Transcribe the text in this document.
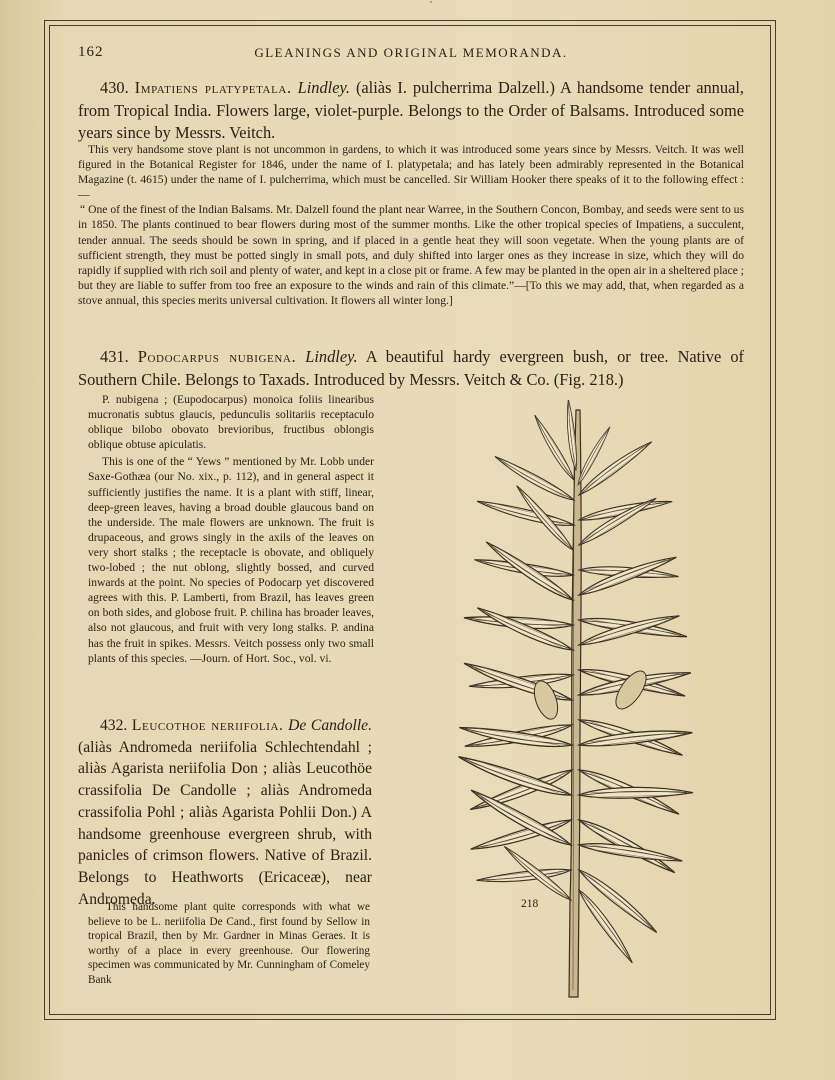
′
162	GLEANINGS AND ORIGINAL MEMORANDA.
430. Impatiens platypetala. Lindley. (aliàs I. pulcherrima Dalzell.) A handsome tender annual, from Tropical India. Flowers large, violet-purple. Belongs to the Order of Balsams. Introduced some years since by Messrs. Veitch.

This very handsome stove plant is not uncommon in gardens, to which it was introduced some years since by Messrs. Veitch. It was well figured in the Botanical Register for 1846, under the name of I. platypetala; and has lately been admirably represented in the Botanical Magazine (t. 4615) under the name of I. pulcherrima, which must be cancelled. Sir William Hooker there speaks of it to the following effect :—

“ One of the finest of the Indian Balsams. Mr. Dalzell found the plant near Warree, in the Southern Concon, Bombay, and seeds were sent to us in 1850. The plants continued to bear flowers during most of the summer months. Like the other tropical species of Impatiens, a succulent, tender annual. The seeds should be sown in spring, and if placed in a gentle heat they will soon vegetate. When the young plants are of sufficient strength, they must be potted singly in small pots, and duly shifted into larger ones as they increase in size, which they will do rapidly if supplied with rich soil and plenty of water, and kept in a close pit or frame. A few may be planted in the open air in a sheltered place ; but they are liable to suffer from too free an exposure to the winds and rain of this climate.”—[To this we may add, that, when regarded as a stove annual, this species merits universal cultivation. It flowers all winter long.]

431. Podocarpus nubigena. Lindley. A beautiful hardy evergreen bush, or tree. Native of Southern Chile. Belongs to Taxads. Introduced by Messrs. Veitch & Co. (Fig. 218.)

P. nubigena ; (Eupodocarpus) monoica foliis linearibus mucronatis subtus glaucis, pedunculis solitariis receptaculo oblique bilobo obovato brevioribus, fructibus oblongis oblique obtuse apiculatis.

This is one of the “ Yews ” mentioned by Mr. Lobb under Saxe-Gothæa (our No. xix., p. 112), and in general aspect it sufficiently justifies the name. It is a plant with stiff, linear, deep-green leaves, having a broad double glaucous band on the underside. The male flowers are unknown. The fruit is drupaceous, and grows singly in the axils of the leaves on very short stalks ; the receptacle is obovate, and obliquely two-lobed ; the nut oblong, slightly bossed, and curved inwards at the point. No species of Podocarp yet discovered agrees with this. P. Lamberti, from Brazil, has leaves green on both sides, and globose fruit. P. chilina has broader leaves, also not glaucous, and fruit with very long stalks. P. andina has the fruit in spikes. Messrs. Veitch possess only two small plants of this species. —Journ. of Hort. Soc., vol. vi.

432. Leucothoe neriifolia. De Candolle. (aliàs Andromeda neriifolia Schlechtendahl ; aliàs Agarista neriifolia Don ; aliàs Leucothöe crassifolia De Candolle ; aliàs Andromeda crassifolia Pohl ; aliàs Agarista Pohlii Don.) A handsome greenhouse evergreen shrub, with panicles of crimson flowers. Native of Brazil. Belongs to Heathworts (Ericaceæ), near Andromeda.

This handsome plant quite corresponds with what we believe to be L. neriifolia De Cand., first found by Sellow in tropical Brazil, then by Mr. Gardner in Minas Geraes. It is worthy of a place in every greenhouse. Our flowering specimen was communicated by Mr. Cunningham of Comeley Bank

218
